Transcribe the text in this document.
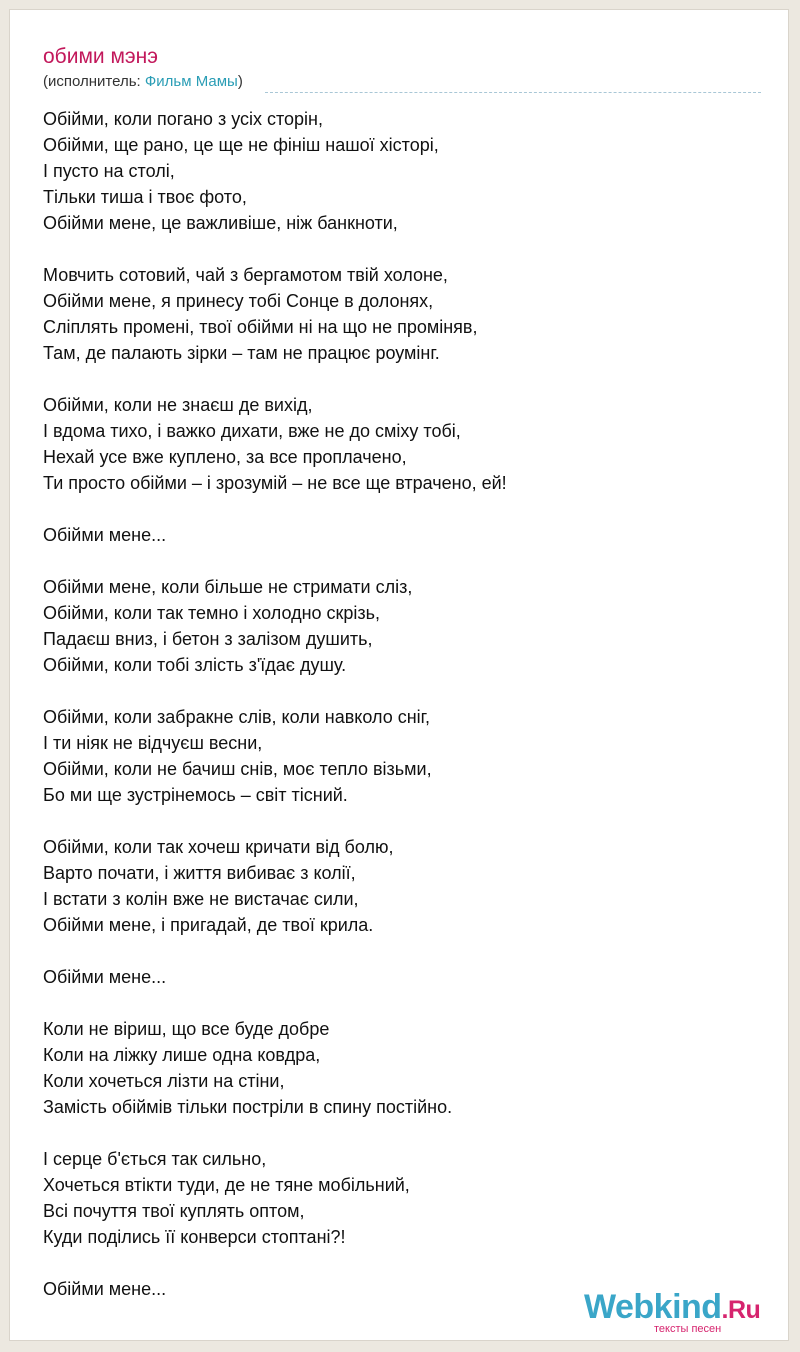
обими мэнэ
(исполнитель: Фильм Мамы)
Обійми, коли погано з усіх сторін,
Обійми, ще рано, це ще не фініш нашої хісторі,
І пусто на столі,
Тільки тиша і твоє фото,
Обійми мене, це важливіше, ніж банкноти,
Мовчить сотовий, чай з бергамотом твій холоне,
Обійми мене, я принесу тобі Сонце в долонях,
Сліплять промені, твої обійми ні на що не проміняв,
Там, де палають зірки – там не працює роумінг.
Обійми, коли не знаєш де вихід,
І вдома тихо, і важко дихати, вже не до сміху тобі,
Нехай усе вже куплено, за все проплачено,
Ти просто обійми – і зрозумій – не все ще втрачено, ей!
Обійми мене...
Обійми мене, коли більше не стримати сліз,
Обійми, коли так темно і холодно скрізь,
Падаєш вниз, і бетон з залізом душить,
Обійми, коли тобі злість з'їдає душу.
Обійми, коли забракне слів, коли навколо сніг,
І ти ніяк не відчуєш весни,
Обійми, коли не бачиш снів, моє тепло візьми,
Бо ми ще зустрінемось – світ тісний.
Обійми, коли так хочеш кричати від болю,
Варто почати, і життя вибиває з колії,
І встати з колін вже не вистачає сили,
Обійми мене, і пригадай, де твої крила.
Обійми мене...
Коли не віриш, що все буде добре
Коли на ліжку лише одна ковдра,
Коли хочеться лізти на стіни,
Замість обіймів тільки постріли в спину постійно.
І серце б'ється так сильно,
Хочеться втікти туди, де не тяне мобільний,
Всі почуття твої куплять оптом,
Куди поділись її конверси стоптані?!
Обійми мене...	Webkind.Ru
тексты песен
